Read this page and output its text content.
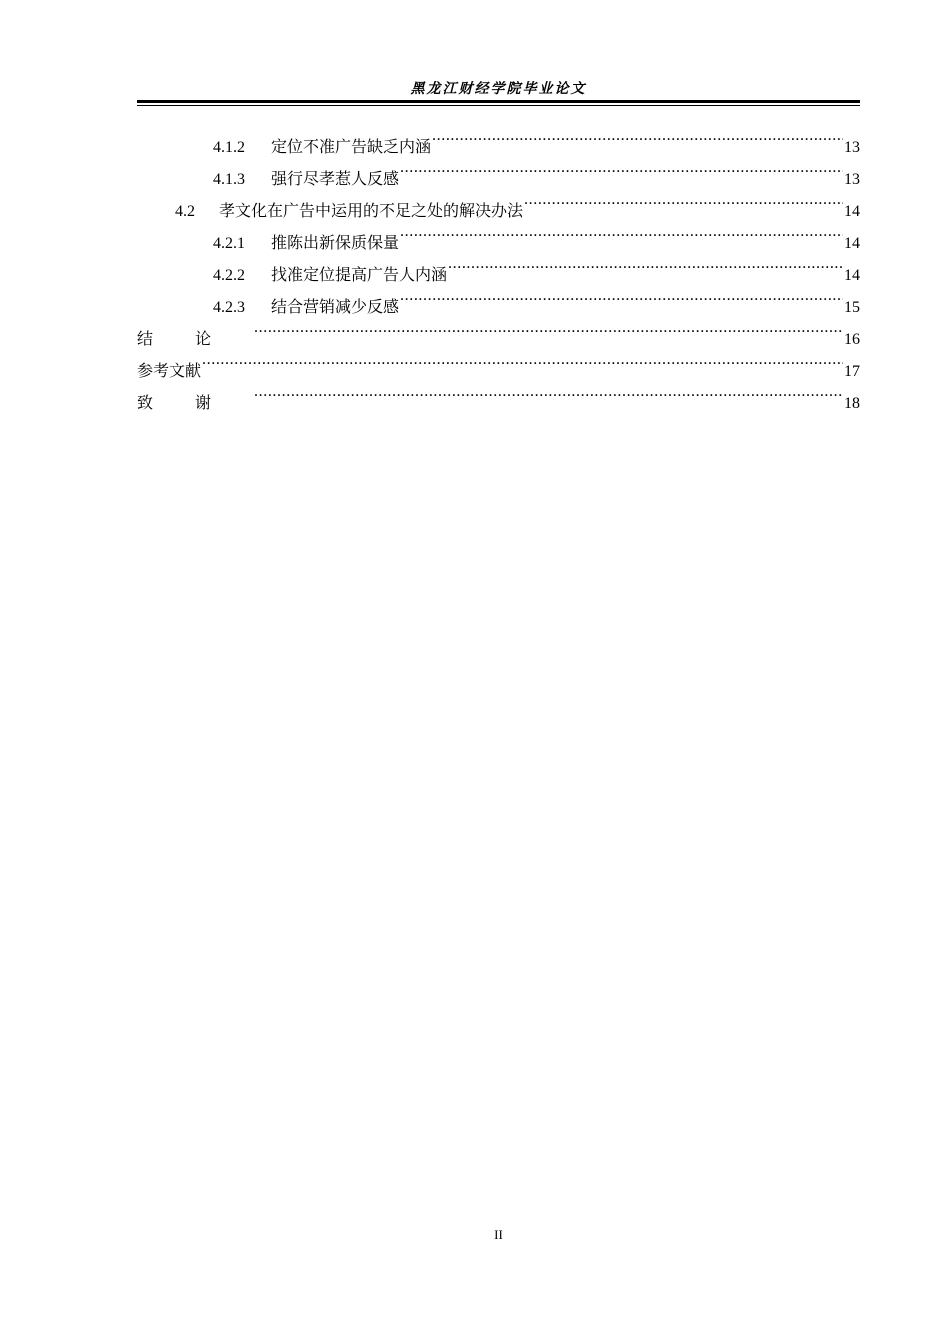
黑龙江财经学院毕业论文
4.1.2	定位不准广告缺乏内涵 .....	13
4.1.3	强行尽孝惹人反感 .....	13
4.2	孝文化在广告中运用的不足之处的解决办法 .....	14
4.2.1	推陈出新保质保量 .....	14
4.2.2	找准定位提高广告人内涵 .....	14
4.2.3	结合营销减少反感 .....	15
结论 .....	16
参考文献 .....	17
致谢 .....	18
II
